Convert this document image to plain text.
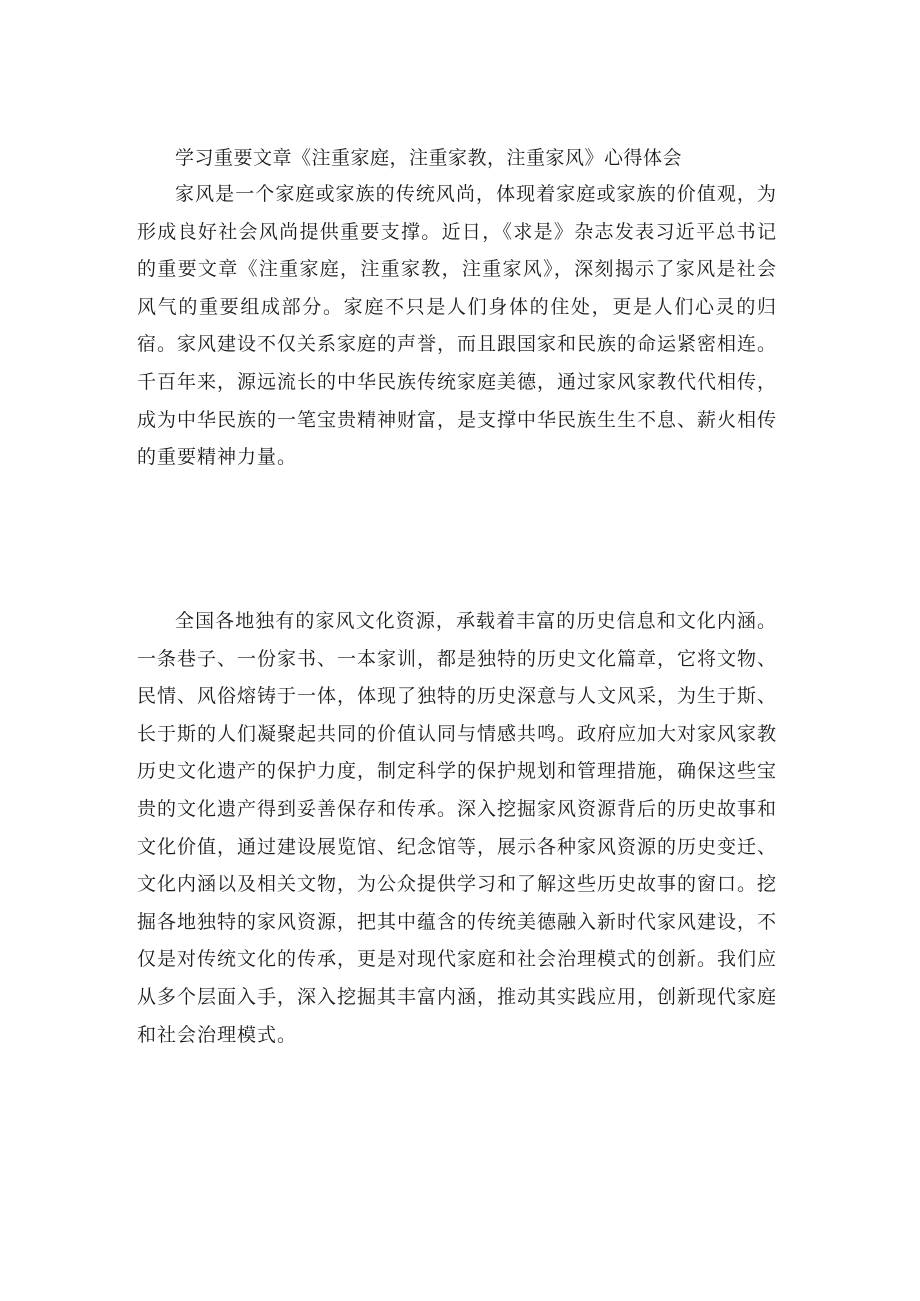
学习重要文章《注重家庭，注重家教，注重家风》心得体会

家风是一个家庭或家族的传统风尚，体现着家庭或家族的价值观，为形成良好社会风尚提供重要支撑。近日，《求是》杂志发表习近平总书记的重要文章《注重家庭，注重家教，注重家风》，深刻揭示了家风是社会风气的重要组成部分。家庭不只是人们身体的住处，更是人们心灵的归宿。家风建设不仅关系家庭的声誉，而且跟国家和民族的命运紧密相连。千百年来，源远流长的中华民族传统家庭美德，通过家风家教代代相传，成为中华民族的一笔宝贵精神财富，是支撑中华民族生生不息、薪火相传的重要精神力量。

全国各地独有的家风文化资源，承载着丰富的历史信息和文化内涵。一条巷子、一份家书、一本家训，都是独特的历史文化篇章，它将文物、民情、风俗熔铸于一体，体现了独特的历史深意与人文风采，为生于斯、长于斯的人们凝聚起共同的价值认同与情感共鸣。政府应加大对家风家教历史文化遗产的保护力度，制定科学的保护规划和管理措施，确保这些宝贵的文化遗产得到妥善保存和传承。深入挖掘家风资源背后的历史故事和文化价值，通过建设展览馆、纪念馆等，展示各种家风资源的历史变迁、文化内涵以及相关文物，为公众提供学习和了解这些历史故事的窗口。挖掘各地独特的家风资源，把其中蕴含的传统美德融入新时代家风建设，不仅是对传统文化的传承，更是对现代家庭和社会治理模式的创新。我们应从多个层面入手，深入挖掘其丰富内涵，推动其实践应用，创新现代家庭和社会治理模式。
